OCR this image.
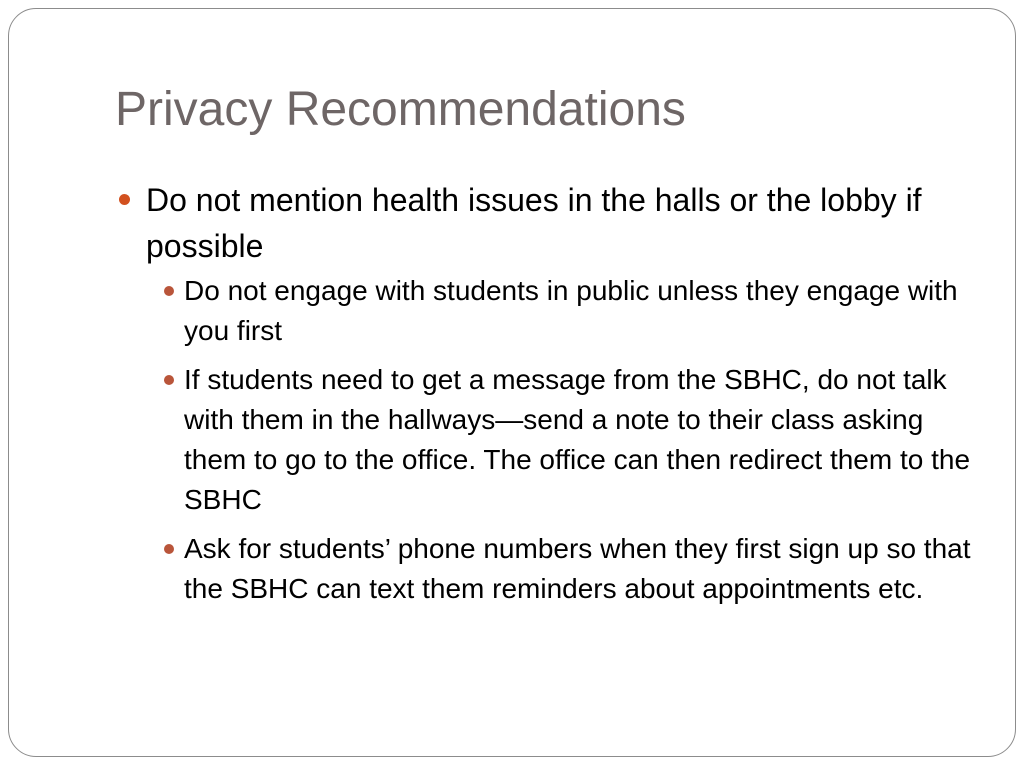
Privacy Recommendations
Do not mention health issues in the halls or the lobby if possible
Do not engage with students in public unless they engage with you first
If students need to get a message from the SBHC, do not talk with them in the hallways—send a note to their class asking them to go to the office. The office can then redirect them to the SBHC
Ask for students’ phone numbers when they first sign up so that the SBHC can text them reminders about appointments etc.
